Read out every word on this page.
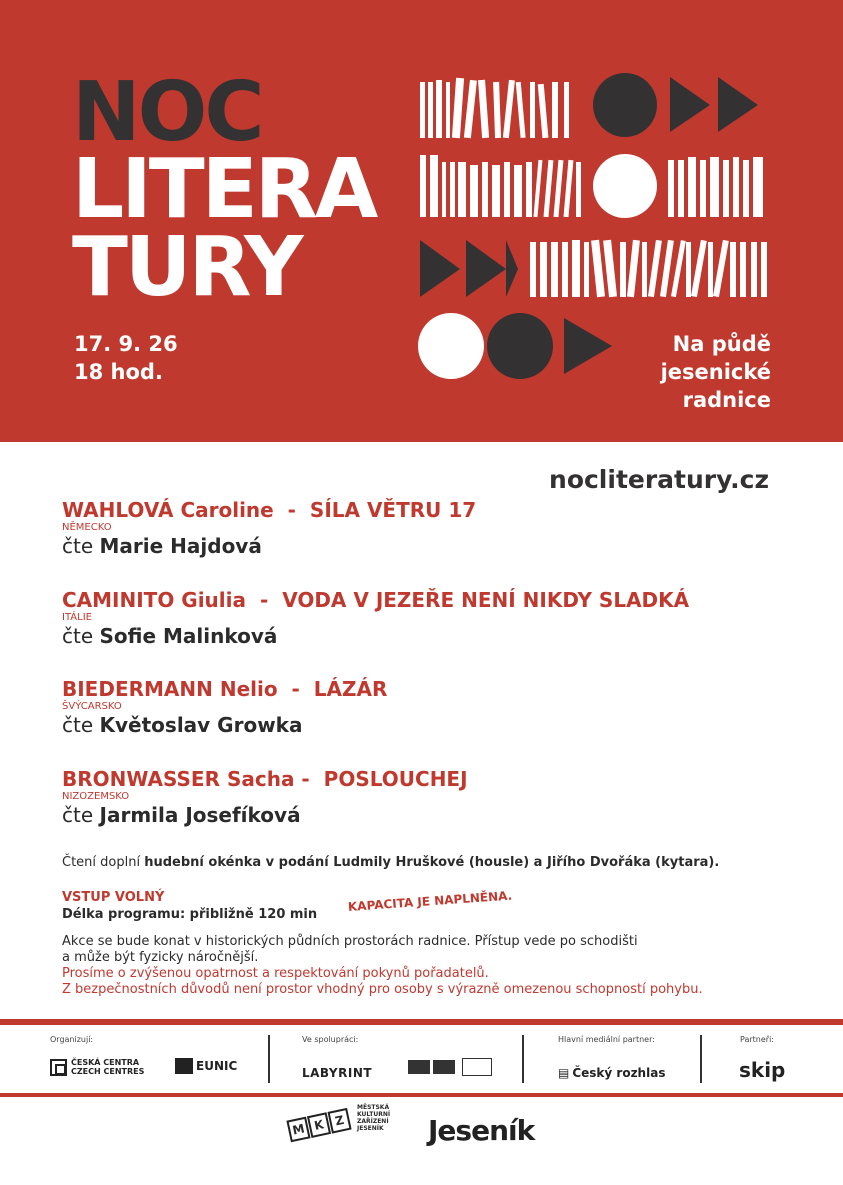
NOC
LITERA
TURY
17. 9. 26
18 hod.
Na půdě
jesenické
radnice
nocliteratury.cz
WAHLOVÁ Caroline - SÍLA VĚTRU 17
NĚMECKO
čte Marie Hajdová
CAMINITO Giulia - VODA V JEZEŘE NENÍ NIKDY SLADKÁ
ITÁLIE
čte Sofie Malinková
BIEDERMANN Nelio - LÁZÁR
ŠVÝCARSKO
čte Květoslav Growka
BRONWASSER Sacha - POSLOUCHEJ
NIZOZEMSKO
čte Jarmila Josefíková
Čtení doplní hudební okénka v podání Ludmily Hruškové (housle) a Jiřího Dvořáka (kytara).
VSTUP VOLNÝ
Délka programu: přibližně 120 min
KAPACITA JE NAPLNĚNA.
Akce se bude konat v historických půdních prostorách radnice. Přístup vede po schodišti
a může být fyzicky náročnější.
Prosíme o zvýšenou opatrnost a respektování pokynů pořadatelů.
Z bezpečnostních důvodů není prostor vhodný pro osoby s výrazně omezenou schopností pohybu.
Organizují:
ČESKÁ CENTRA
CZECH CENTRES	EUNIC
Ve spolupráci:
LABYRINT
Hlavní mediální partner:
▤ Český rozhlas
Partneři:
skip
M K Z
MĚSTSKÁ
KULTURNÍ
ZAŘÍZENÍ
JESENÍK	Jeseník
